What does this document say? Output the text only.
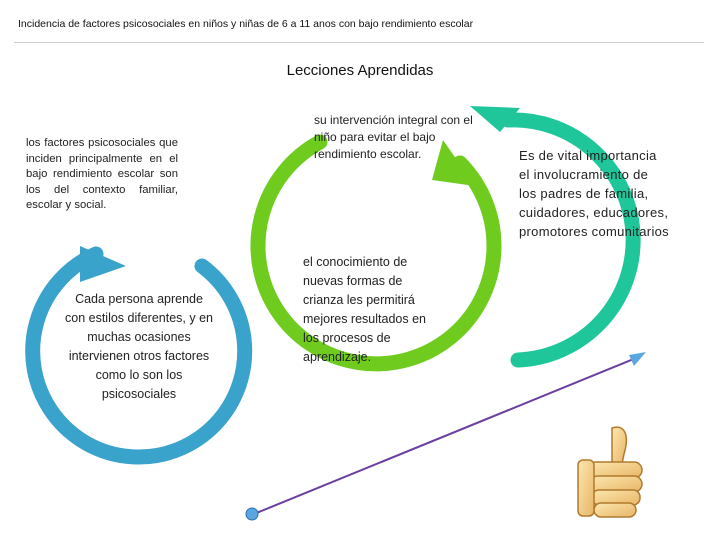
Incidencia de factores psicosociales en niños y niñas de 6 a 11 anos con bajo rendimiento escolar
Lecciones Aprendidas
los factores psicosociales que inciden principalmente en el bajo rendimiento escolar son los del contexto familiar, escolar y social.
Cada persona aprende con estilos diferentes, y en muchas ocasiones intervienen otros factores como lo son los psicosociales
su intervención integral con el niño para evitar el bajo rendimiento escolar.
el conocimiento de nuevas formas de crianza les permitirá mejores resultados en los procesos de aprendizaje.
Es de vital importancia el involucramiento de los padres de familia, cuidadores, educadores, promotores comunitarios
